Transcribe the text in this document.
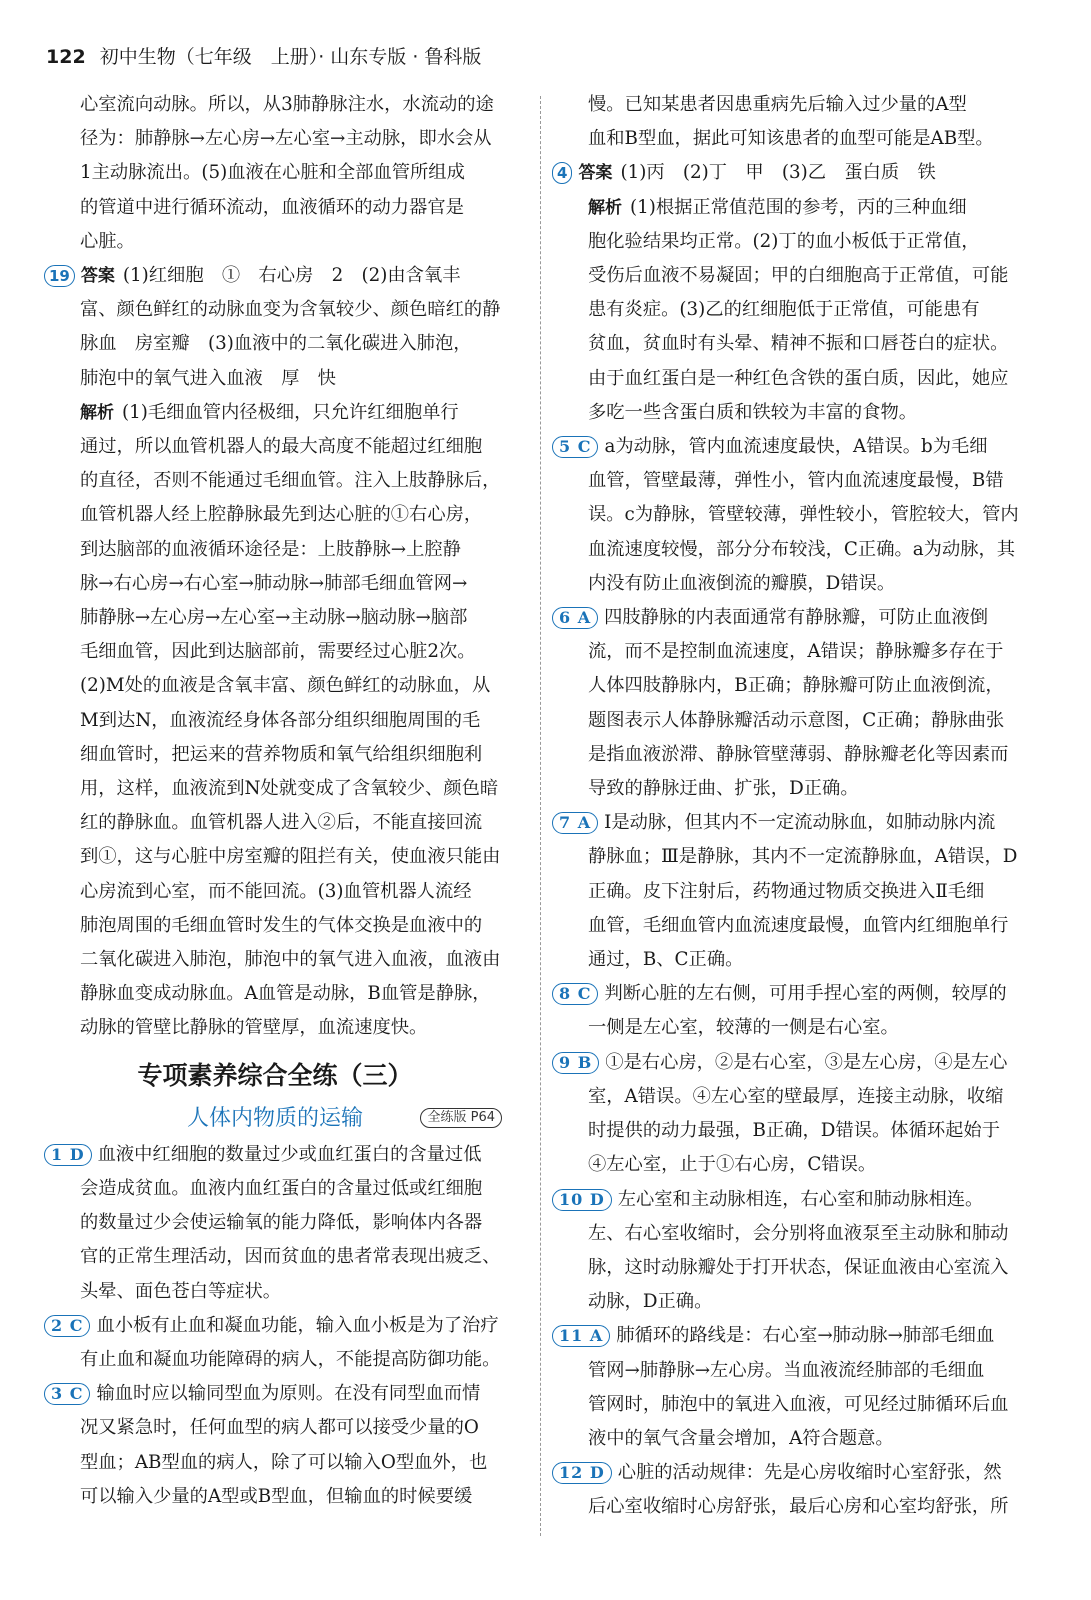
122 初中生物（七年级　上册）· 山东专版 · 鲁科版
心室流向动脉。所以，从3肺静脉注水，水流动的途
径为：肺静脉→左心房→左心室→主动脉，即水会从
1主动脉流出。(5)血液在心脏和全部血管所组成
的管道中进行循环流动，血液循环的动力器官是
心脏。
19 答案 (1)红细胞　①　右心房　2　(2)由含氧丰
富、颜色鲜红的动脉血变为含氧较少、颜色暗红的静
脉血　房室瓣　(3)血液中的二氧化碳进入肺泡，
肺泡中的氧气进入血液　厚　快
解析 (1)毛细血管内径极细，只允许红细胞单行
通过，所以血管机器人的最大高度不能超过红细胞
的直径，否则不能通过毛细血管。注入上肢静脉后，
血管机器人经上腔静脉最先到达心脏的①右心房，
到达脑部的血液循环途径是：上肢静脉→上腔静
脉→右心房→右心室→肺动脉→肺部毛细血管网→
肺静脉→左心房→左心室→主动脉→脑动脉→脑部
毛细血管，因此到达脑部前，需要经过心脏2次。
(2)M处的血液是含氧丰富、颜色鲜红的动脉血，从
M到达N，血液流经身体各部分组织细胞周围的毛
细血管时，把运来的营养物质和氧气给组织细胞利
用，这样，血液流到N处就变成了含氧较少、颜色暗
红的静脉血。血管机器人进入②后，不能直接回流
到①，这与心脏中房室瓣的阻拦有关，使血液只能由
心房流到心室，而不能回流。(3)血管机器人流经
肺泡周围的毛细血管时发生的气体交换是血液中的
二氧化碳进入肺泡，肺泡中的氧气进入血液，血液由
静脉血变成动脉血。A血管是动脉，B血管是静脉，
动脉的管壁比静脉的管壁厚，血流速度快。
专项素养综合全练（三）
人体内物质的运输	全练版 P64
1 D 血液中红细胞的数量过少或血红蛋白的含量过低
会造成贫血。血液内血红蛋白的含量过低或红细胞
的数量过少会使运输氧的能力降低，影响体内各器
官的正常生理活动，因而贫血的患者常表现出疲乏、
头晕、面色苍白等症状。
2 C 血小板有止血和凝血功能，输入血小板是为了治疗
有止血和凝血功能障碍的病人，不能提高防御功能。
3 C 输血时应以输同型血为原则。在没有同型血而情
况又紧急时，任何血型的病人都可以接受少量的O
型血；AB型血的病人，除了可以输入O型血外，也
可以输入少量的A型或B型血，但输血的时候要缓
慢。已知某患者因患重病先后输入过少量的A型
血和B型血，据此可知该患者的血型可能是AB型。
4 答案 (1)丙　(2)丁　甲　(3)乙　蛋白质　铁
解析 (1)根据正常值范围的参考，丙的三种血细
胞化验结果均正常。(2)丁的血小板低于正常值，
受伤后血液不易凝固；甲的白细胞高于正常值，可能
患有炎症。(3)乙的红细胞低于正常值，可能患有
贫血，贫血时有头晕、精神不振和口唇苍白的症状。
由于血红蛋白是一种红色含铁的蛋白质，因此，她应
多吃一些含蛋白质和铁较为丰富的食物。
5 C a为动脉，管内血流速度最快，A错误。b为毛细
血管，管壁最薄，弹性小，管内血流速度最慢，B错
误。c为静脉，管壁较薄，弹性较小，管腔较大，管内
血流速度较慢，部分分布较浅，C正确。a为动脉，其
内没有防止血液倒流的瓣膜，D错误。
6 A 四肢静脉的内表面通常有静脉瓣，可防止血液倒
流，而不是控制血流速度，A错误；静脉瓣多存在于
人体四肢静脉内，B正确；静脉瓣可防止血液倒流，
题图表示人体静脉瓣活动示意图，C正确；静脉曲张
是指血液淤滞、静脉管壁薄弱、静脉瓣老化等因素而
导致的静脉迂曲、扩张，D正确。
7 A Ⅰ是动脉，但其内不一定流动脉血，如肺动脉内流
静脉血；Ⅲ是静脉，其内不一定流静脉血，A错误，D
正确。皮下注射后，药物通过物质交换进入Ⅱ毛细
血管，毛细血管内血流速度最慢，血管内红细胞单行
通过，B、C正确。
8 C 判断心脏的左右侧，可用手捏心室的两侧，较厚的
一侧是左心室，较薄的一侧是右心室。
9 B ①是右心房，②是右心室，③是左心房，④是左心
室，A错误。④左心室的壁最厚，连接主动脉，收缩
时提供的动力最强，B正确，D错误。体循环起始于
④左心室，止于①右心房，C错误。
10 D 左心室和主动脉相连，右心室和肺动脉相连。
左、右心室收缩时，会分别将血液泵至主动脉和肺动
脉，这时动脉瓣处于打开状态，保证血液由心室流入
动脉，D正确。
11 A 肺循环的路线是：右心室→肺动脉→肺部毛细血
管网→肺静脉→左心房。当血液流经肺部的毛细血
管网时，肺泡中的氧进入血液，可见经过肺循环后血
液中的氧气含量会增加，A符合题意。
12 D 心脏的活动规律：先是心房收缩时心室舒张，然
后心室收缩时心房舒张，最后心房和心室均舒张，所
